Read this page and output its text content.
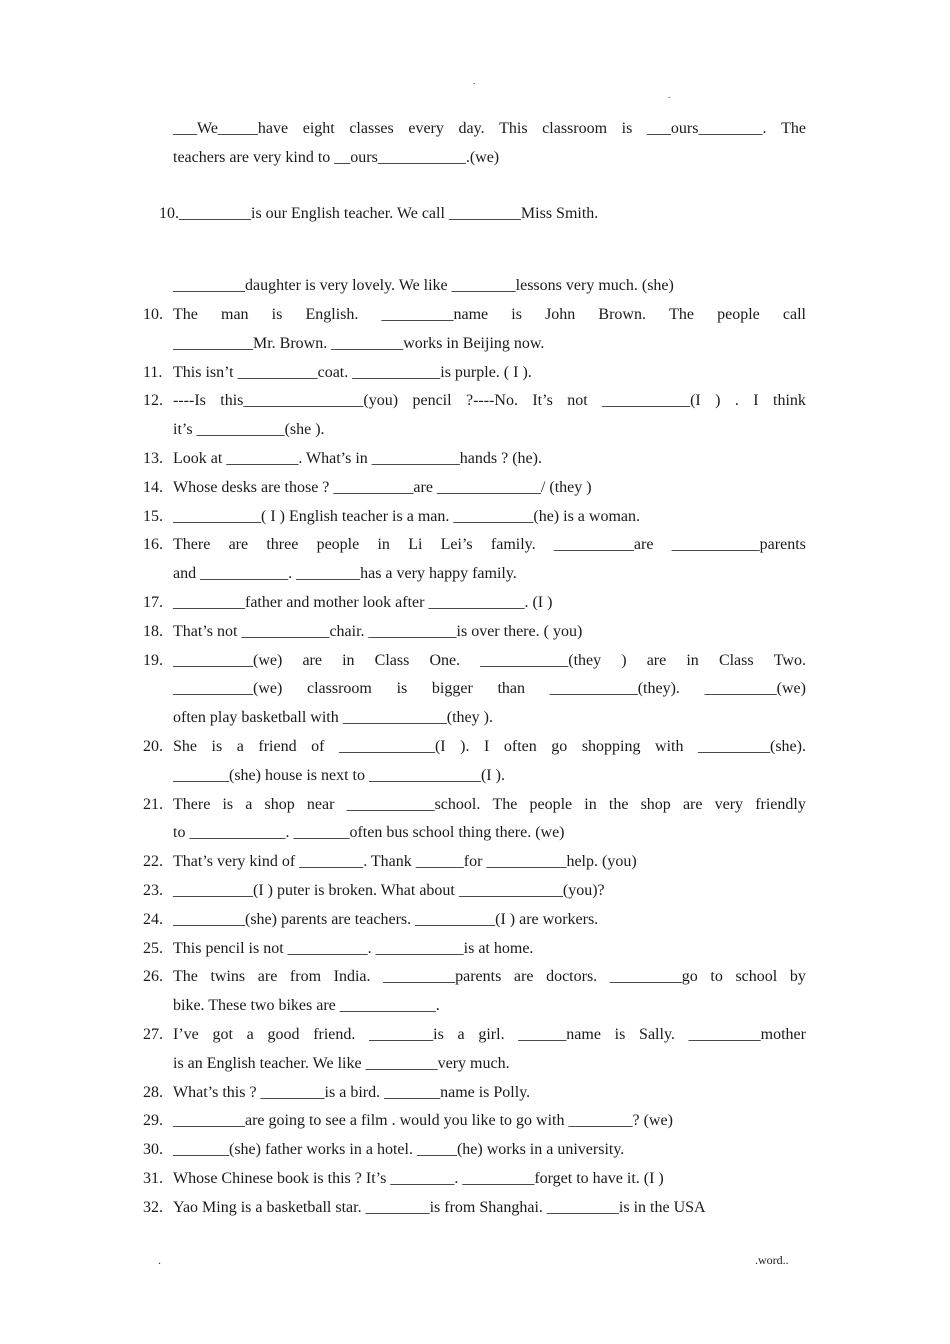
.
.
___We_____have eight classes every day. This classroom is ___ours________. The
teachers are very kind to __ours___________.(we)

10._________is our English teacher. We call _________Miss Smith.

_________daughter is very lovely. We like ________lessons very much. (she)
10. The man is English. _________name is John Brown. The people call
__________Mr. Brown. _________works in Beijing now.
11. This isn’t __________coat. ___________is purple. ( I ).
12. ----Is this_______________(you) pencil ?----No. It’s not ___________(I ) . I think
it’s ___________(she ).
13. Look at _________. What’s in ___________hands ? (he).
14. Whose desks are those ? __________are _____________/ (they )
15. ___________( I ) English teacher is a man. __________(he) is a woman.
16. There are three people in Li Lei’s family. __________are ___________parents
and ___________. ________has a very happy family.
17. _________father and mother look after ____________. (I )
18. That’s not ___________chair. ___________is over there. ( you)
19. __________(we) are in Class One. ___________(they ) are in Class Two.
__________(we) classroom is bigger than ___________(they). _________(we)
often play basketball with _____________(they ).
20. She is a friend of ____________(I ). I often go shopping with _________(she).
_______(she) house is next to ______________(I ).
21. There is a shop near ___________school. The people in the shop are very friendly
to ____________. _______often bus school thing there. (we)
22. That’s very kind of ________. Thank ______for __________help. (you)
23. __________(I ) puter is broken. What about _____________(you)?
24. _________(she) parents are teachers. __________(I ) are workers.
25. This pencil is not __________. ___________is at home.
26. The twins are from India. _________parents are doctors. _________go to school by
bike. These two bikes are ____________.
27. I’ve got a good friend. ________is a girl. ______name is Sally. _________mother
is an English teacher. We like _________very much.
28. What’s this ? ________is a bird. _______name is Polly.
29. _________are going to see a film . would you like to go with ________? (we)
30. _______(she) father works in a hotel. _____(he) works in a university.
31. Whose Chinese book is this ? It’s ________. _________forget to have it. (I )
32. Yao Ming is a basketball star. ________is from Shanghai. _________is in the USA
.	.word..
